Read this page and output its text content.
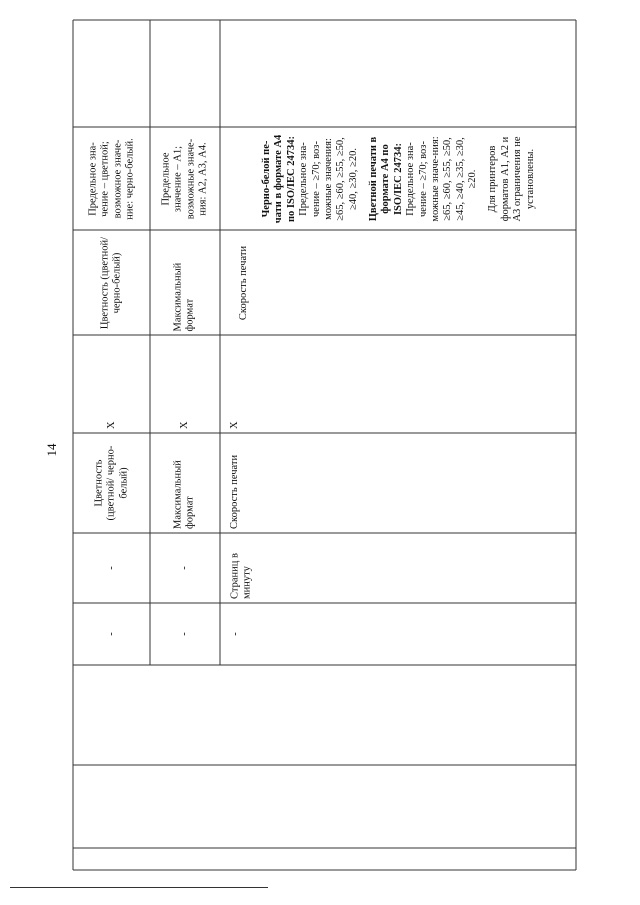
14
-
-
Цветность (цветной/ черно-белый)
X
Цветность (цветной/ черно-белый)
Предельное зна- чение – цветной; возможное значе- ние: черно-белый.
-
-
Максимальный формат
X
Максимальный формат
Предельное значение – А1; возможные значе- ния: А2, А3, А4.
-
Страниц в минуту
Скорость печати
X
Скорость печати
Черно-белой пе- чати в формате А4 по ISO/IEC 24734: Предельное зна- чение – ≥70; воз- можные значения: ≥65, ≥60, ≥55, ≥50, ≥40, ≥30, ≥20. Цветной печати в формате А4 по ISO/IEC 24734: Предельное зна- чение – ≥70; воз- можные значе-ния: ≥65, ≥60, ≥55, ≥50, ≥45, ≥40, ≥35, ≥30, ≥20. Для принтеров форматов А1, А2 и А3 ограничения не установлены.
